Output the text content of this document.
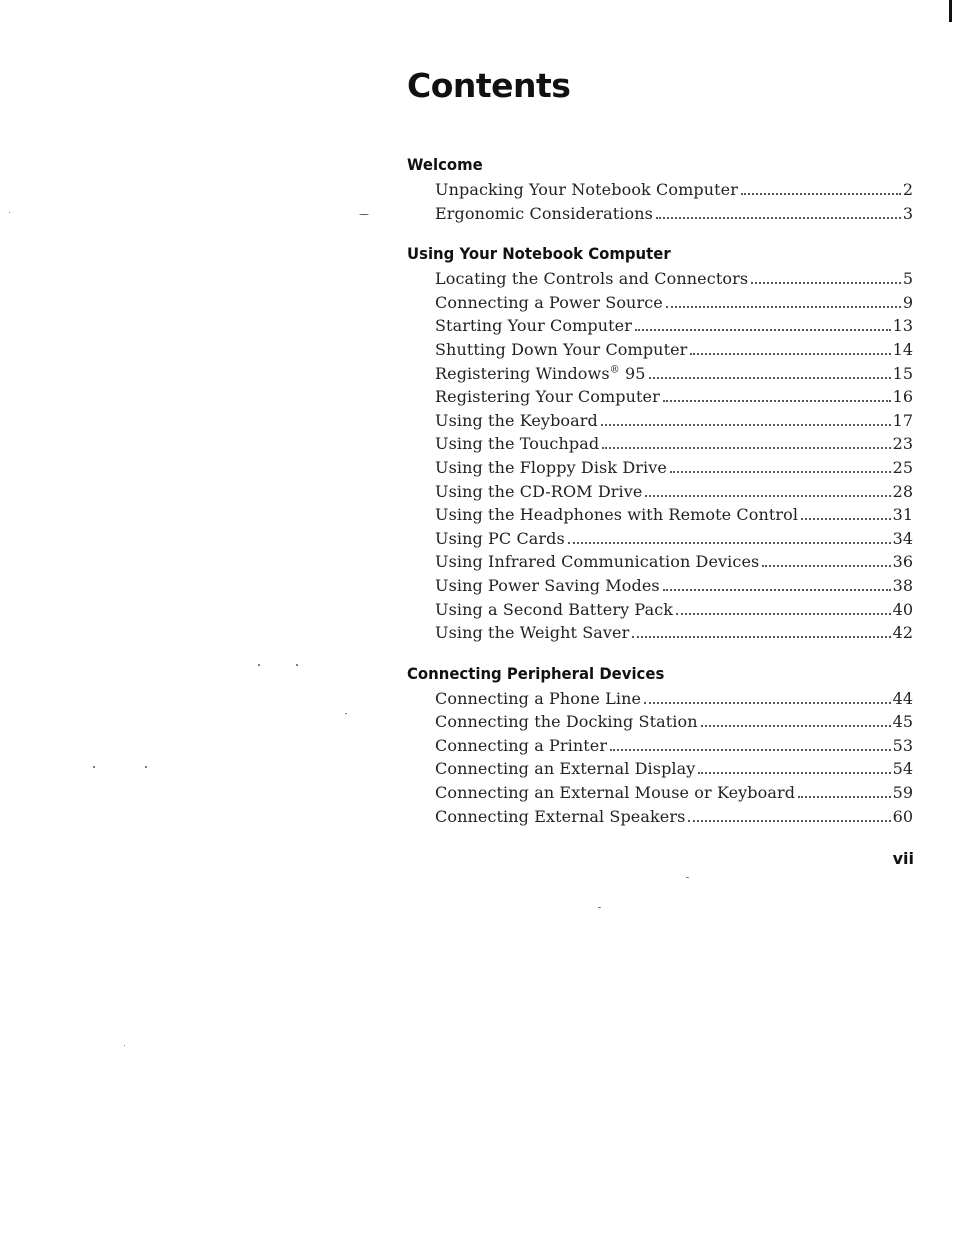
Contents
Welcome
Unpacking Your Notebook Computer	2
Ergonomic Considerations	3
Using Your Notebook Computer
Locating the Controls and Connectors	5
Connecting a Power Source	9
Starting Your Computer	13
Shutting Down Your Computer	14
Registering Windows® 95	15
Registering Your Computer	16
Using the Keyboard	17
Using the Touchpad	23
Using the Floppy Disk Drive	25
Using the CD-ROM Drive	28
Using the Headphones with Remote Control	31
Using PC Cards	34
Using Infrared Communication Devices	36
Using Power Saving Modes	38
Using a Second Battery Pack	40
Using the Weight Saver	42
Connecting Peripheral Devices
Connecting a Phone Line	44
Connecting the Docking Station	45
Connecting a Printer	53
Connecting an External Display	54
Connecting an External Mouse or Keyboard	59
Connecting External Speakers	60
vii
